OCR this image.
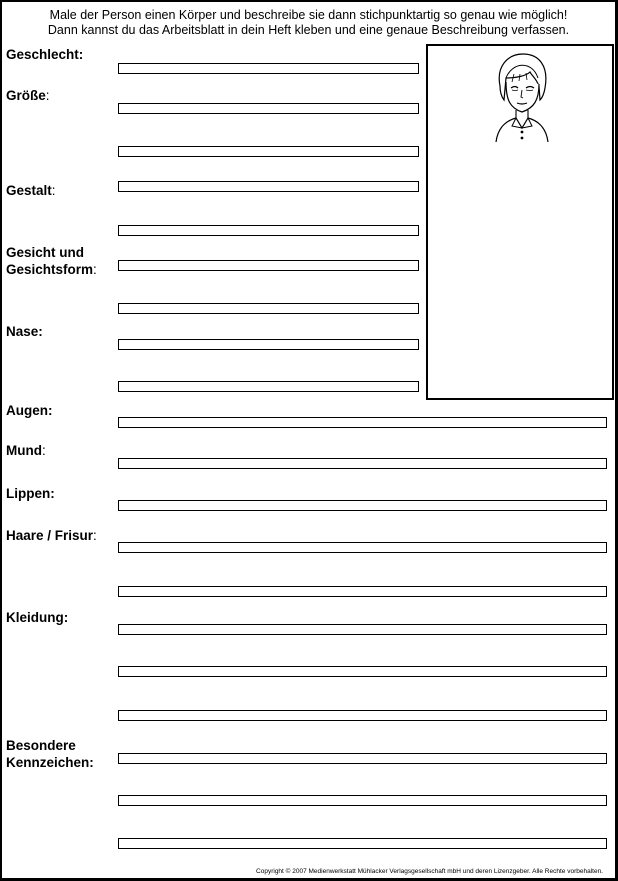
Male der Person einen Körper und beschreibe sie dann stichpunktartig so genau wie möglich!
Dann kannst du das Arbeitsblatt in dein Heft kleben und eine genaue Beschreibung verfassen.
Geschlecht:
Größe:
Gestalt:
Gesicht und
Gesichtsform:
Nase:
Augen:
Mund:
Lippen:
Haare / Frisur:
Kleidung:
Besondere
Kennzeichen:
Copyright © 2007 Medienwerkstatt Mühlacker Verlagsgesellschaft mbH und deren Lizenzgeber. Alle Rechte vorbehalten.
